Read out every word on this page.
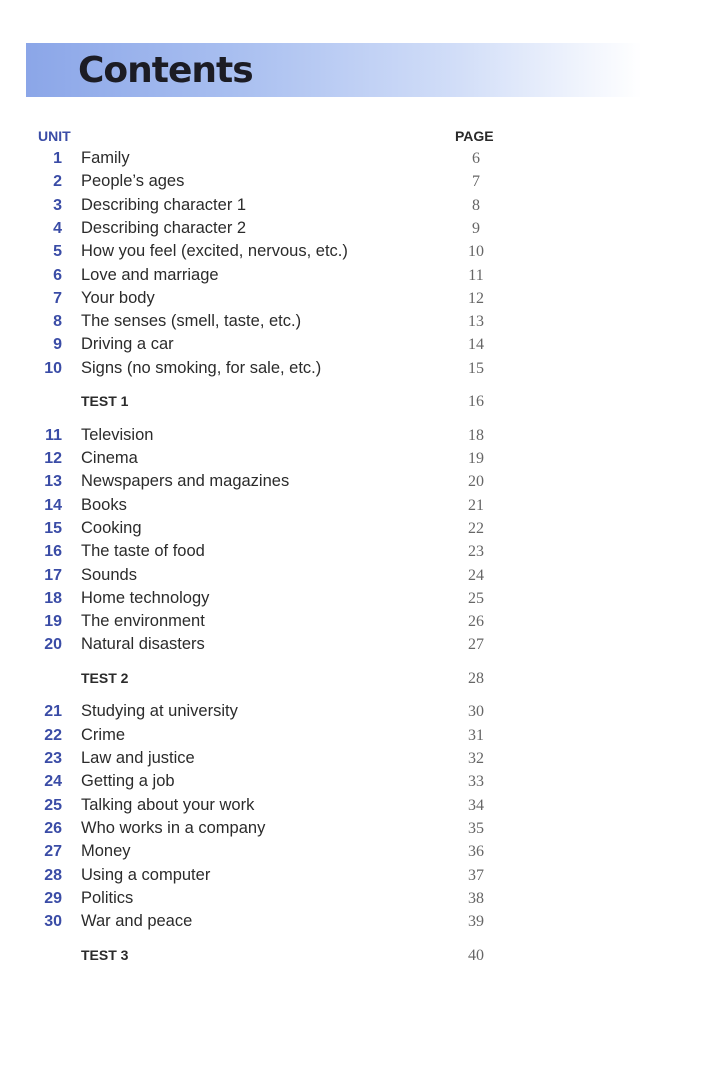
Contents
UNIT	PAGE
1 Family	6
2 People’s ages	7
3 Describing character 1	8
4 Describing character 2	9
5 How you feel (excited, nervous, etc.)	10
6 Love and marriage	11
7 Your body	12
8 The senses (smell, taste, etc.)	13
9 Driving a car	14
10 Signs (no smoking, for sale, etc.)	15
TEST 1	16
11 Television	18
12 Cinema	19
13 Newspapers and magazines	20
14 Books	21
15 Cooking	22
16 The taste of food	23
17 Sounds	24
18 Home technology	25
19 The environment	26
20 Natural disasters	27
TEST 2	28
21 Studying at university	30
22 Crime	31
23 Law and justice	32
24 Getting a job	33
25 Talking about your work	34
26 Who works in a company	35
27 Money	36
28 Using a computer	37
29 Politics	38
30 War and peace	39
TEST 3	40
